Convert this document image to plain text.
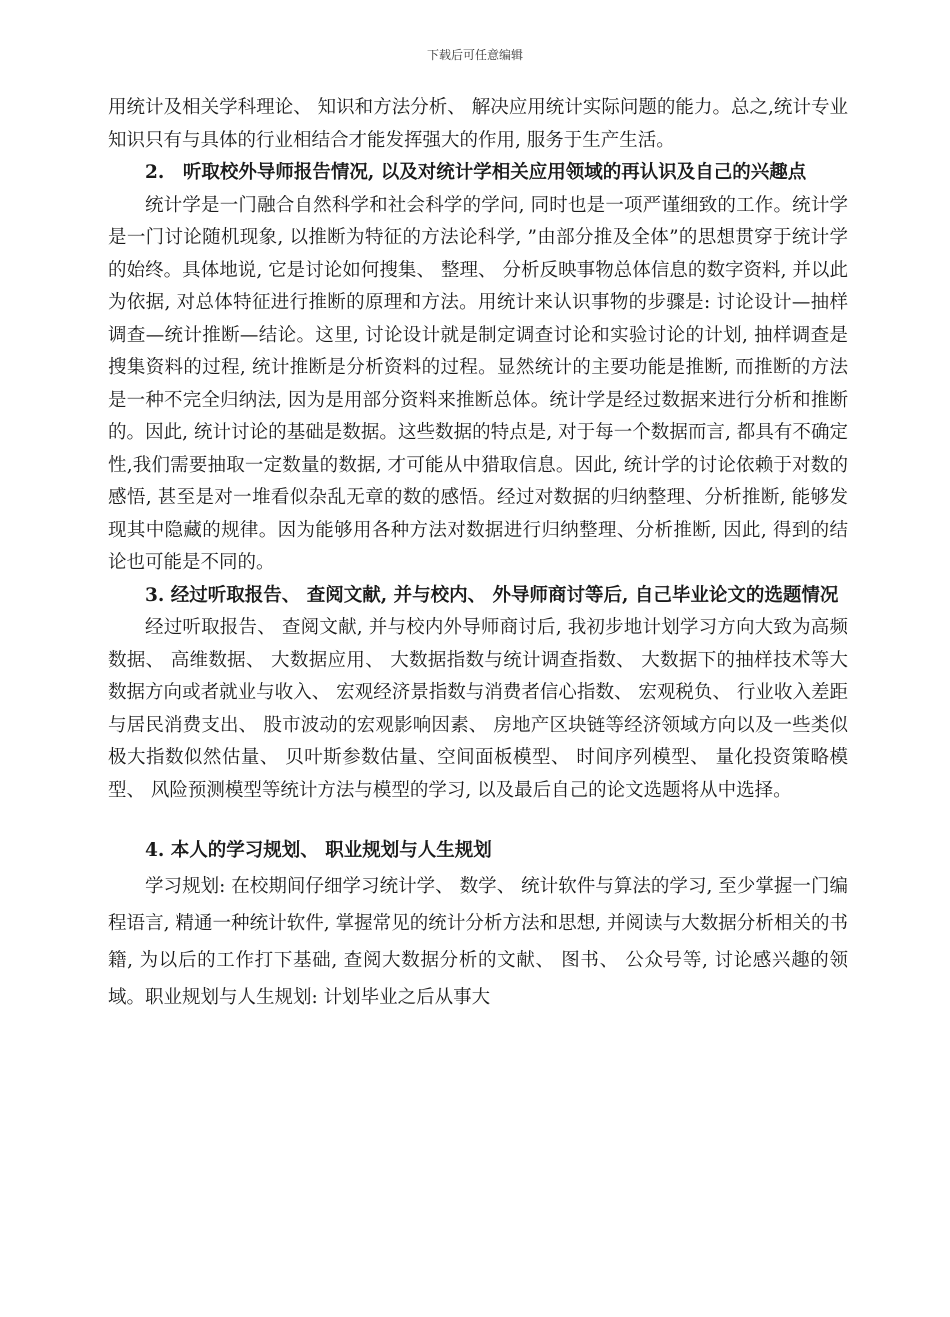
下载后可任意编辑

用统计及相关学科理论、 知识和方法分析、 解决应用统计实际问题的能力。总之,统计专业知识只有与具体的行业相结合才能发挥强大的作用, 服务于生产生活。

2.　听取校外导师报告情况, 以及对统计学相关应用领域的再认识及自己的兴趣点

统计学是一门融合自然科学和社会科学的学问, 同时也是一项严谨细致的工作。统计学是一门讨论随机现象, 以推断为特征的方法论科学, ”由部分推及全体”的思想贯穿于统计学的始终。具体地说, 它是讨论如何搜集、 整理、 分析反映事物总体信息的数字资料, 并以此为依据, 对总体特征进行推断的原理和方法。用统计来认识事物的步骤是: 讨论设计—抽样调查—统计推断—结论。这里, 讨论设计就是制定调查讨论和实验讨论的计划, 抽样调查是搜集资料的过程, 统计推断是分析资料的过程。显然统计的主要功能是推断, 而推断的方法是一种不完全归纳法, 因为是用部分资料来推断总体。统计学是经过数据来进行分析和推断的。因此, 统计讨论的基础是数据。这些数据的特点是, 对于每一个数据而言, 都具有不确定性,我们需要抽取一定数量的数据, 才可能从中猎取信息。因此, 统计学的讨论依赖于对数的感悟, 甚至是对一堆看似杂乱无章的数的感悟。经过对数据的归纳整理、分析推断, 能够发现其中隐藏的规律。因为能够用各种方法对数据进行归纳整理、分析推断, 因此, 得到的结论也可能是不同的。

3. 经过听取报告、 查阅文献, 并与校内、 外导师商讨等后, 自己毕业论文的选题情况

经过听取报告、 查阅文献, 并与校内外导师商讨后, 我初步地计划学习方向大致为高频数据、 高维数据、 大数据应用、 大数据指数与统计调查指数、 大数据下的抽样技术等大数据方向或者就业与收入、 宏观经济景指数与消费者信心指数、 宏观税负、 行业收入差距与居民消费支出、 股市波动的宏观影响因素、 房地产区块链等经济领域方向以及一些类似极大指数似然估量、 贝叶斯参数估量、空间面板模型、 时间序列模型、 量化投资策略模型、 风险预测模型等统计方法与模型的学习, 以及最后自己的论文选题将从中选择。

4. 本人的学习规划、 职业规划与人生规划

学习规划: 在校期间仔细学习统计学、 数学、 统计软件与算法的学习, 至少掌握一门编程语言, 精通一种统计软件, 掌握常见的统计分析方法和思想, 并阅读与大数据分析相关的书籍, 为以后的工作打下基础, 查阅大数据分析的文献、 图书、 公众号等, 讨论感兴趣的领域。职业规划与人生规划: 计划毕业之后从事大
